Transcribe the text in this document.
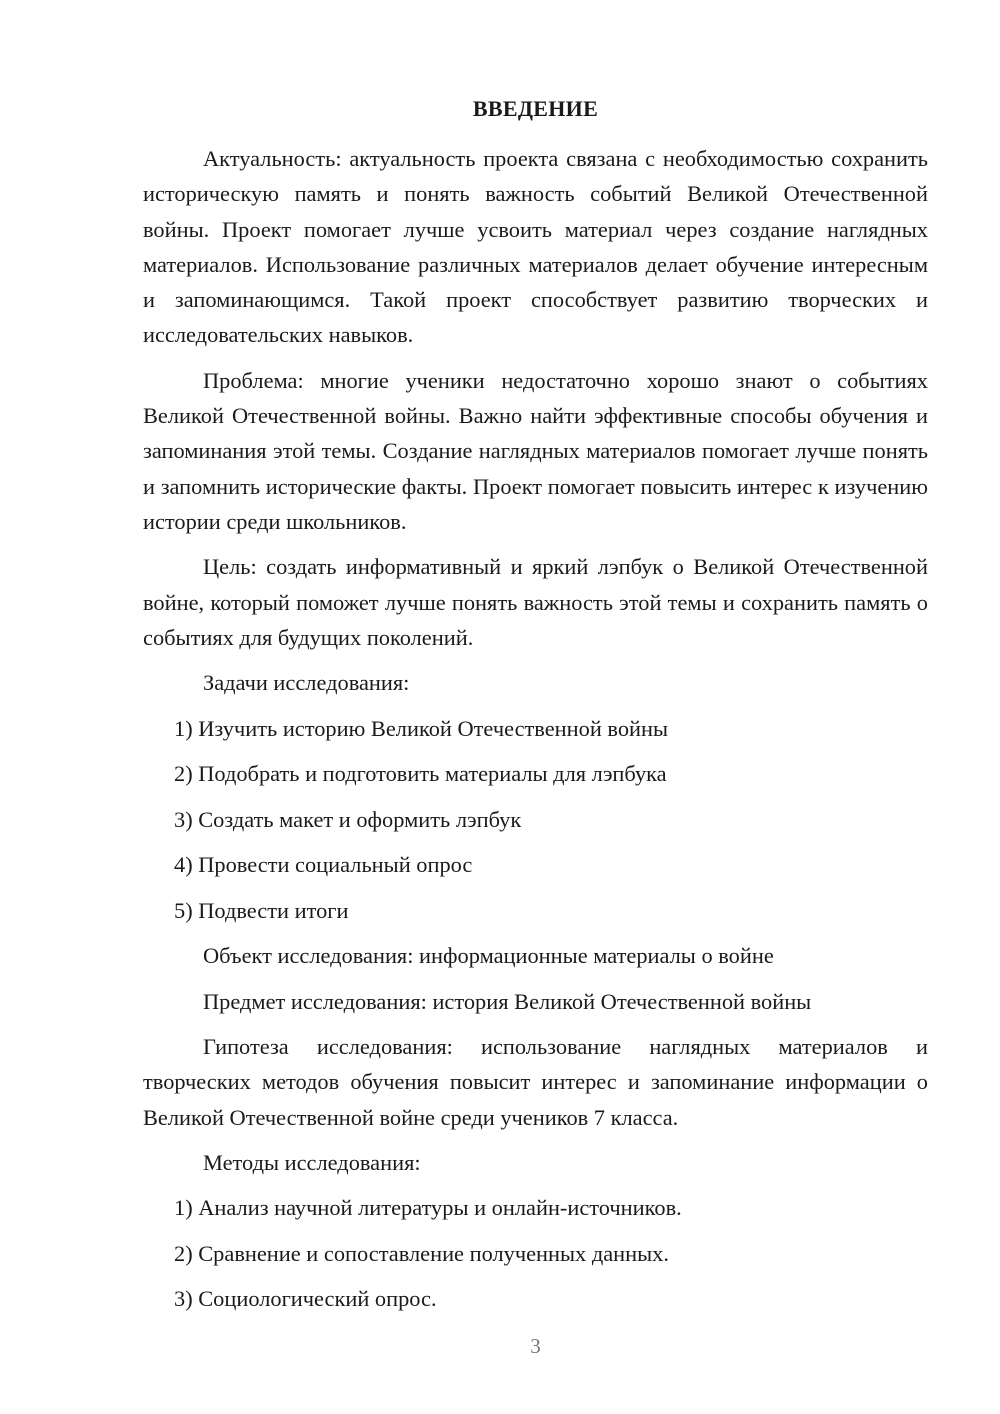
ВВЕДЕНИЕ

Актуальность: актуальность проекта связана с необходимостью сохранить историческую память и понять важность событий Великой Отечественной войны. Проект помогает лучше усвоить материал через создание наглядных материалов. Использование различных материалов делает обучение интересным и запоминающимся. Такой проект способствует развитию творческих и исследовательских навыков.

Проблема: многие ученики недостаточно хорошо знают о событиях Великой Отечественной войны. Важно найти эффективные способы обучения и запоминания этой темы. Создание наглядных материалов помогает лучше понять и запомнить исторические факты. Проект помогает повысить интерес к изучению истории среди школьников.

Цель: создать информативный и яркий лэпбук о Великой Отечественной войне, который поможет лучше понять важность этой темы и сохранить память о событиях для будущих поколений.

Задачи исследования:

1) Изучить историю Великой Отечественной войны

2) Подобрать и подготовить материалы для лэпбука

3) Создать макет и оформить лэпбук

4) Провести социальный опрос

5) Подвести итоги

Объект исследования: информационные материалы о войне

Предмет исследования: история Великой Отечественной войны

Гипотеза исследования: использование наглядных материалов и творческих методов обучения повысит интерес и запоминание информации о Великой Отечественной войне среди учеников 7 класса.

Методы исследования:

1) Анализ научной литературы и онлайн-источников.

2) Сравнение и сопоставление полученных данных.

3) Социологический опрос.

3
